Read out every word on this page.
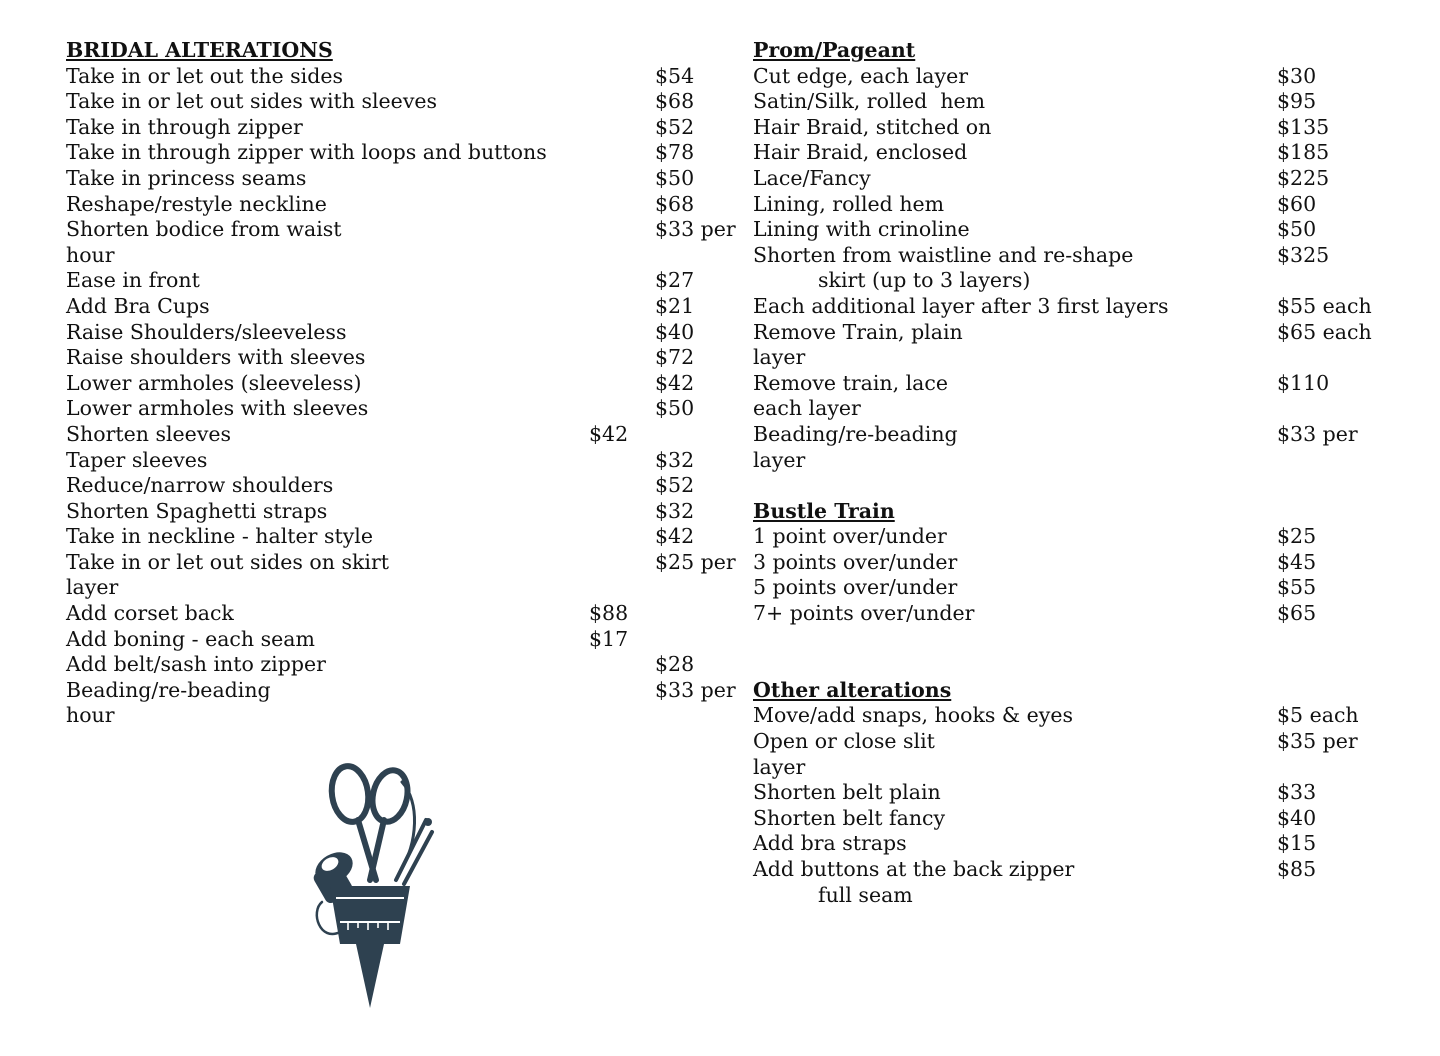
BRIDAL ALTERATIONS
Take in or let out the sides	$54
Take in or let out sides with sleeves	$68
Take in through zipper	$52
Take in through zipper with loops and buttons	$78
Take in princess seams	$50
Reshape/restyle neckline	$68
Shorten bodice from waist	$33 per
hour
Ease in front	$27
Add Bra Cups	$21
Raise Shoulders/sleeveless	$40
Raise shoulders with sleeves	$72
Lower armholes (sleeveless)	$42
Lower armholes with sleeves	$50
Shorten sleeves	$42
Taper sleeves	$32
Reduce/narrow shoulders	$52
Shorten Spaghetti straps	$32
Take in neckline - halter style	$42
Take in or let out sides on skirt	$25 per
layer
Add corset back	$88
Add boning - each seam	$17
Add belt/sash into zipper	$28
Beading/re-beading	$33 per
hour
Prom/Pageant
Cut edge, each layer	$30
Satin/Silk, rolled  hem	$95
Hair Braid, stitched on	$135
Hair Braid, enclosed	$185
Lace/Fancy	$225
Lining, rolled hem	$60
Lining with crinoline	$50
Shorten from waistline and re-shape	$325
skirt (up to 3 layers)
Each additional layer after 3 first layers	$55 each
Remove Train, plain	$65 each
layer
Remove train, lace	$110
each layer
Beading/re-beading	$33 per
layer
Bustle Train
1 point over/under	$25
3 points over/under	$45
5 points over/under	$55
7+ points over/under	$65
Other alterations
Move/add snaps, hooks & eyes	$5 each
Open or close slit	$35 per
layer
Shorten belt plain	$33
Shorten belt fancy	$40
Add bra straps	$15
Add buttons at the back zipper	$85
full seam
